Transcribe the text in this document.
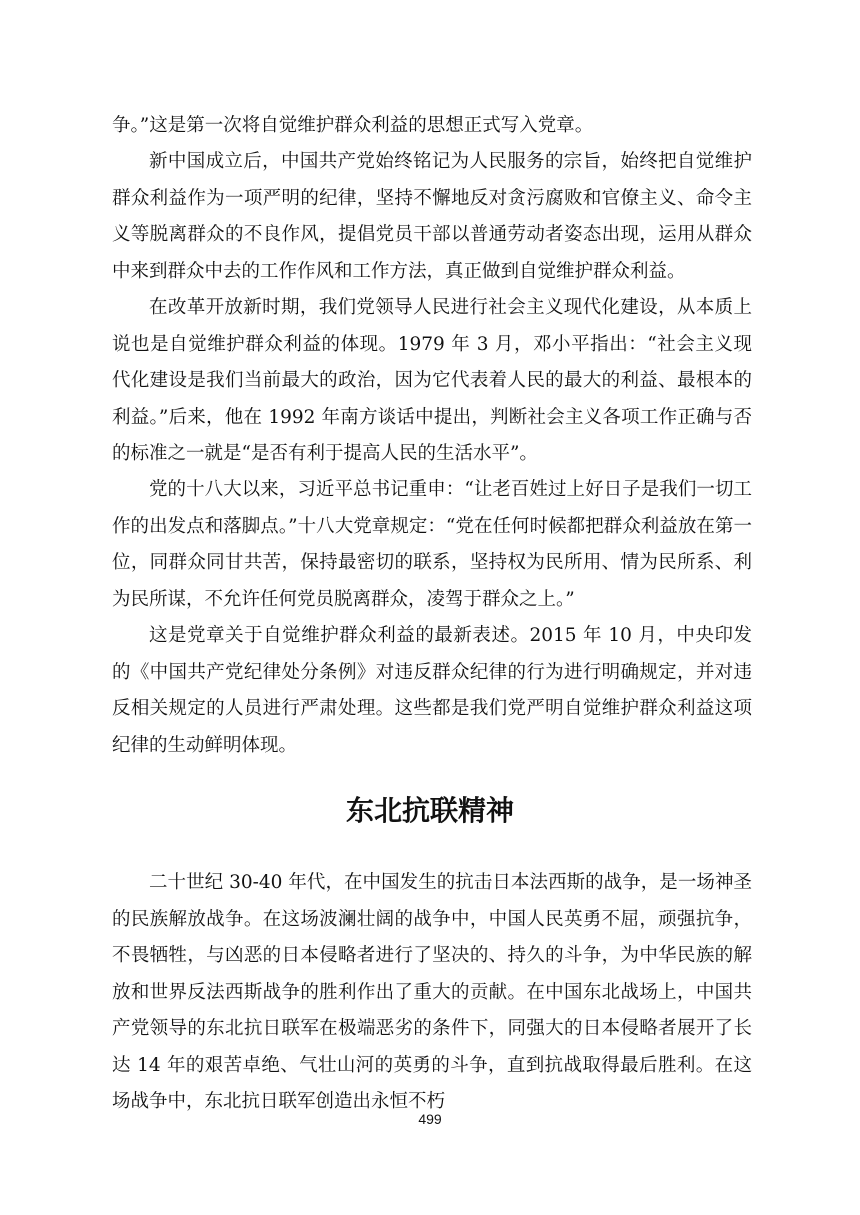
争。”这是第一次将自觉维护群众利益的思想正式写入党章。

新中国成立后，中国共产党始终铭记为人民服务的宗旨，始终把自觉维护群众利益作为一项严明的纪律，坚持不懈地反对贪污腐败和官僚主义、命令主义等脱离群众的不良作风，提倡党员干部以普通劳动者姿态出现，运用从群众中来到群众中去的工作作风和工作方法，真正做到自觉维护群众利益。

在改革开放新时期，我们党领导人民进行社会主义现代化建设，从本质上说也是自觉维护群众利益的体现。1979 年 3 月，邓小平指出：“社会主义现代化建设是我们当前最大的政治，因为它代表着人民的最大的利益、最根本的利益。”后来，他在 1992 年南方谈话中提出，判断社会主义各项工作正确与否的标准之一就是“是否有利于提高人民的生活水平”。

党的十八大以来，习近平总书记重申：“让老百姓过上好日子是我们一切工作的出发点和落脚点。”十八大党章规定：“党在任何时候都把群众利益放在第一位，同群众同甘共苦，保持最密切的联系，坚持权为民所用、情为民所系、利为民所谋，不允许任何党员脱离群众，凌驾于群众之上。”

这是党章关于自觉维护群众利益的最新表述。2015 年 10 月，中央印发的《中国共产党纪律处分条例》对违反群众纪律的行为进行明确规定，并对违反相关规定的人员进行严肃处理。这些都是我们党严明自觉维护群众利益这项纪律的生动鲜明体现。

东北抗联精神

二十世纪 30-40 年代，在中国发生的抗击日本法西斯的战争，是一场神圣的民族解放战争。在这场波澜壮阔的战争中，中国人民英勇不屈，顽强抗争，不畏牺牲，与凶恶的日本侵略者进行了坚决的、持久的斗争，为中华民族的解放和世界反法西斯战争的胜利作出了重大的贡献。在中国东北战场上，中国共产党领导的东北抗日联军在极端恶劣的条件下，同强大的日本侵略者展开了长达 14 年的艰苦卓绝、气壮山河的英勇的斗争，直到抗战取得最后胜利。在这场战争中，东北抗日联军创造出永恒不朽

499
